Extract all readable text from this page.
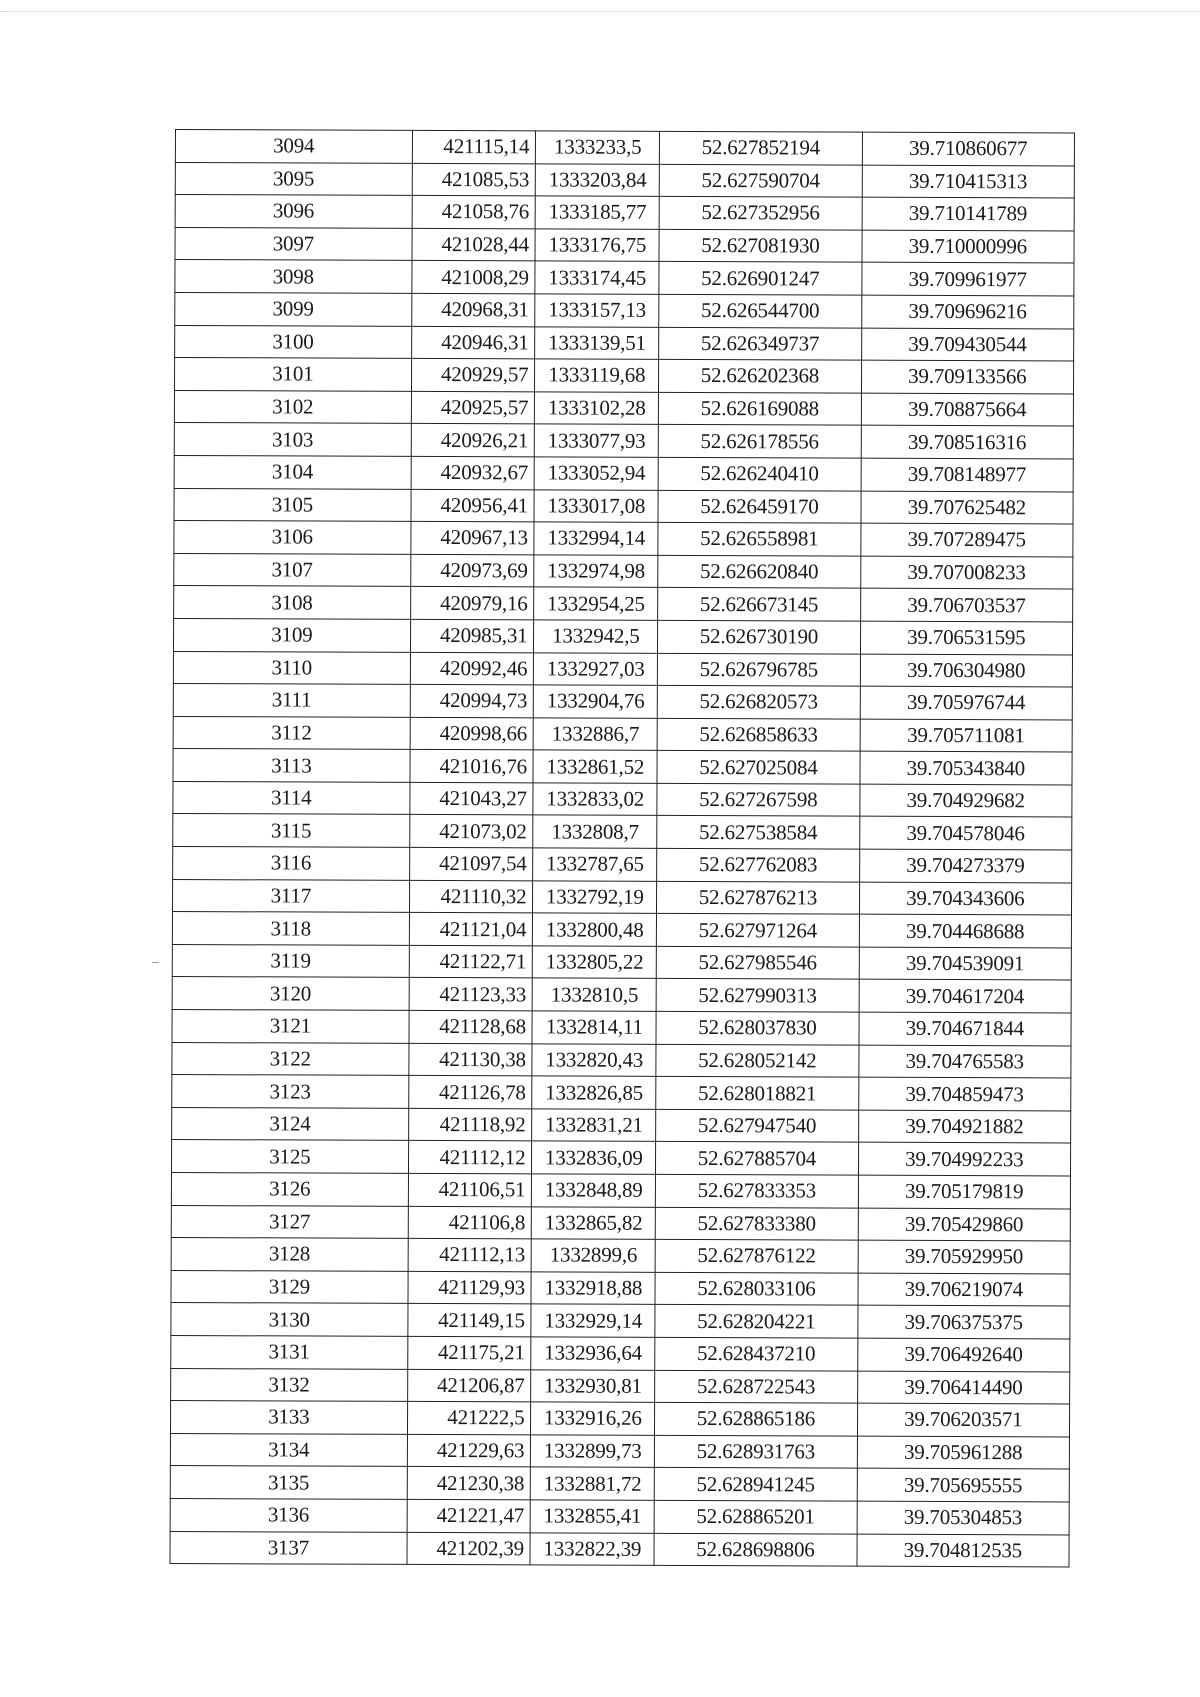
3094	421115,14	1333233,5	52.627852194	39.710860677
3095	421085,53	1333203,84	52.627590704	39.710415313
3096	421058,76	1333185,77	52.627352956	39.710141789
3097	421028,44	1333176,75	52.627081930	39.710000996
3098	421008,29	1333174,45	52.626901247	39.709961977
3099	420968,31	1333157,13	52.626544700	39.709696216
3100	420946,31	1333139,51	52.626349737	39.709430544
3101	420929,57	1333119,68	52.626202368	39.709133566
3102	420925,57	1333102,28	52.626169088	39.708875664
3103	420926,21	1333077,93	52.626178556	39.708516316
3104	420932,67	1333052,94	52.626240410	39.708148977
3105	420956,41	1333017,08	52.626459170	39.707625482
3106	420967,13	1332994,14	52.626558981	39.707289475
3107	420973,69	1332974,98	52.626620840	39.707008233
3108	420979,16	1332954,25	52.626673145	39.706703537
3109	420985,31	1332942,5	52.626730190	39.706531595
3110	420992,46	1332927,03	52.626796785	39.706304980
3111	420994,73	1332904,76	52.626820573	39.705976744
3112	420998,66	1332886,7	52.626858633	39.705711081
3113	421016,76	1332861,52	52.627025084	39.705343840
3114	421043,27	1332833,02	52.627267598	39.704929682
3115	421073,02	1332808,7	52.627538584	39.704578046
3116	421097,54	1332787,65	52.627762083	39.704273379
3117	421110,32	1332792,19	52.627876213	39.704343606
3118	421121,04	1332800,48	52.627971264	39.704468688
3119	421122,71	1332805,22	52.627985546	39.704539091
3120	421123,33	1332810,5	52.627990313	39.704617204
3121	421128,68	1332814,11	52.628037830	39.704671844
3122	421130,38	1332820,43	52.628052142	39.704765583
3123	421126,78	1332826,85	52.628018821	39.704859473
3124	421118,92	1332831,21	52.627947540	39.704921882
3125	421112,12	1332836,09	52.627885704	39.704992233
3126	421106,51	1332848,89	52.627833353	39.705179819
3127	421106,8	1332865,82	52.627833380	39.705429860
3128	421112,13	1332899,6	52.627876122	39.705929950
3129	421129,93	1332918,88	52.628033106	39.706219074
3130	421149,15	1332929,14	52.628204221	39.706375375
3131	421175,21	1332936,64	52.628437210	39.706492640
3132	421206,87	1332930,81	52.628722543	39.706414490
3133	421222,5	1332916,26	52.628865186	39.706203571
3134	421229,63	1332899,73	52.628931763	39.705961288
3135	421230,38	1332881,72	52.628941245	39.705695555
3136	421221,47	1332855,41	52.628865201	39.705304853
3137	421202,39	1332822,39	52.628698806	39.704812535
